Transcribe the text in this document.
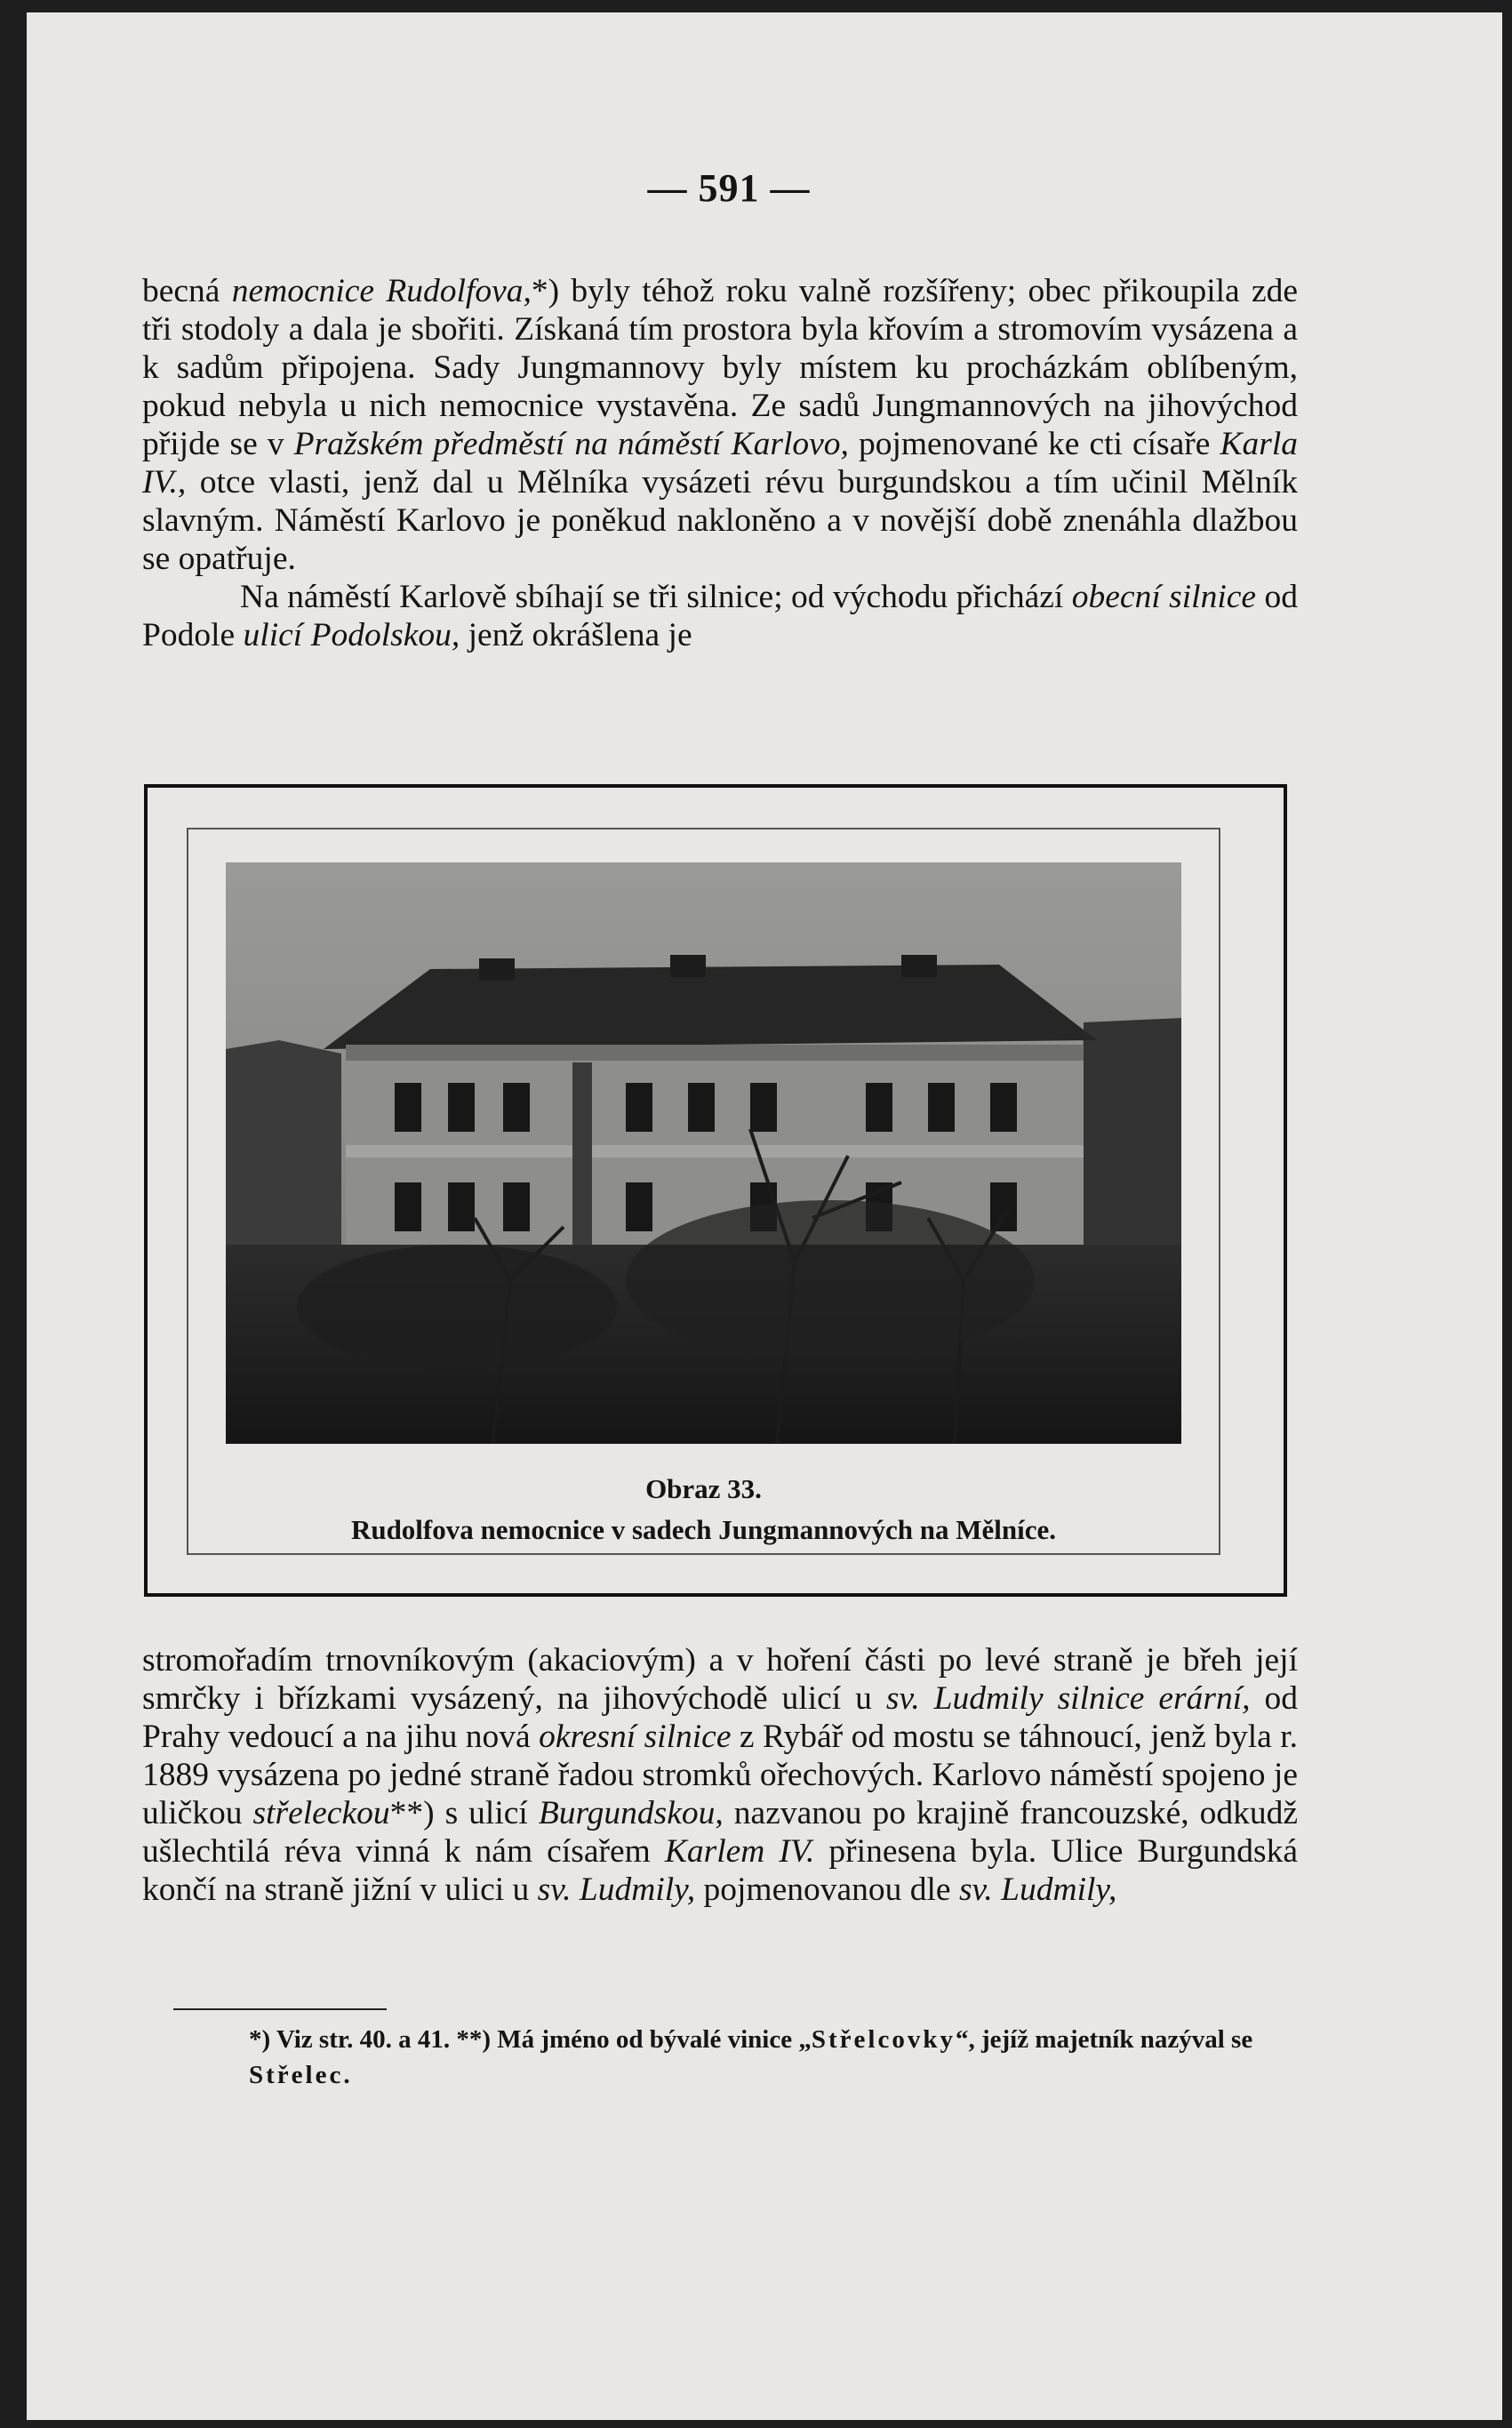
— 591 —

becná nemocnice Rudolfova,*) byly téhož roku valně rozšířeny; obec přikoupila zde tři stodoly a dala je sbořiti. Získaná tím prostora byla křovím a stromovím vysázena a k sadům připojena. Sady Jungmannovy byly místem ku procházkám oblíbeným, pokud nebyla u nich nemocnice vystavěna. Ze sadů Jungmannových na jihovýchod přijde se v Pražském předměstí na náměstí Karlovo, pojmenované ke cti císaře Karla IV., otce vlasti, jenž dal u Mělníka vysázeti révu burgundskou a tím učinil Mělník slavným. Náměstí Karlovo je poněkud nakloněno a v novější době znenáhla dlažbou se opatřuje.

Na náměstí Karlově sbíhají se tři silnice; od východu přichází obecní silnice od Podole ulicí Podolskou, jenž okrášlena je

Obraz 33.
Rudolfova nemocnice v sadech Jungmannových na Mělníce.

stromořadím trnovníkovým (akaciovým) a v hoření části po levé straně je břeh její smrčky i břízkami vysázený, na jihovýchodě ulicí u sv. Ludmily silnice erární, od Prahy vedoucí a na jihu nová okresní silnice z Rybář od mostu se táhnoucí, jenž byla r. 1889 vysázena po jedné straně řadou stromků ořechových. Karlovo náměstí spojeno je uličkou střeleckou**) s ulicí Burgundskou, nazvanou po krajině francouzské, odkudž ušlechtilá réva vinná k nám císařem Karlem IV. přinesena byla. Ulice Burgundská končí na straně jižní v ulici u sv. Ludmily, pojmenovanou dle sv. Ludmily,

*) Viz str. 40. a 41. **) Má jméno od bývalé vinice „Střelcovky“, jejíž majetník nazýval se Střelec.
